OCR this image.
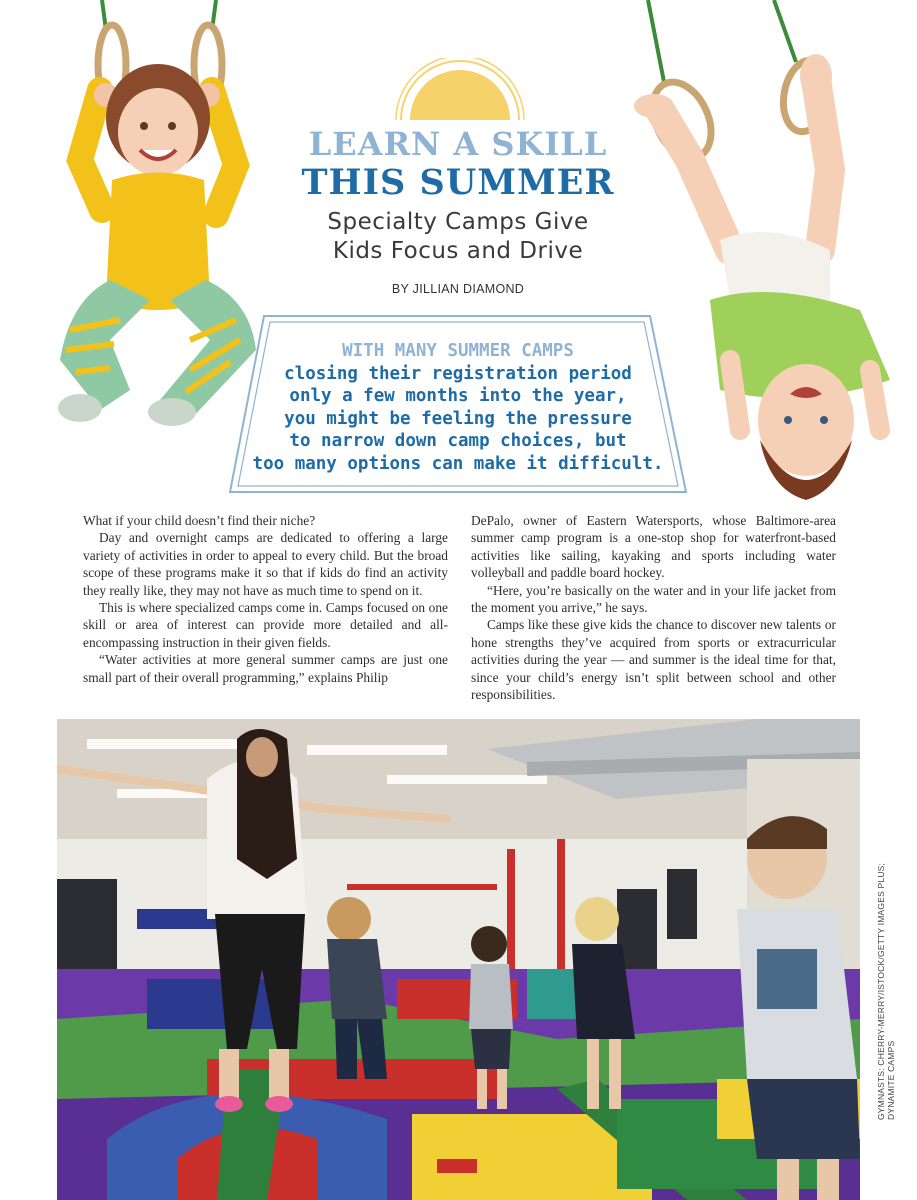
LEARN A SKILL
THIS SUMMER
Specialty Camps Give
Kids Focus and Drive
BY JILLIAN DIAMOND
WITH MANY SUMMER CAMPS
closing their registration period
only a few months into the year,
you might be feeling the pressure
to narrow down camp choices, but
too many options can make it difficult.

What if your child doesn’t find their niche?

Day and overnight camps are dedicated to offering a large variety of activities in order to appeal to every child. But the broad scope of these programs make it so that if kids do find an activity they really like, they may not have as much time to spend on it.

This is where specialized camps come in. Camps focused on one skill or area of interest can provide more detailed and all-encompassing instruction in their given fields.

“Water activities at more general summer camps are just one small part of their overall programming,” explains Philip

DePalo, owner of Eastern Watersports, whose Baltimore-area summer camp program is a one-stop shop for waterfront-based activities like sailing, kayaking and sports including water volleyball and paddle board hockey.

“Here, you’re basically on the water and in your life jacket from the moment you arrive,” he says.

Camps like these give kids the chance to discover new talents or hone strengths they’ve acquired from sports or extracurricular activities during the year — and summer is the ideal time for that, since your child’s energy isn’t split between school and other responsibilities.

GYMNASTS: CHERRY-MERRY/ISTOCK/GETTY IMAGES PLUS; DYNAMITE CAMPS
